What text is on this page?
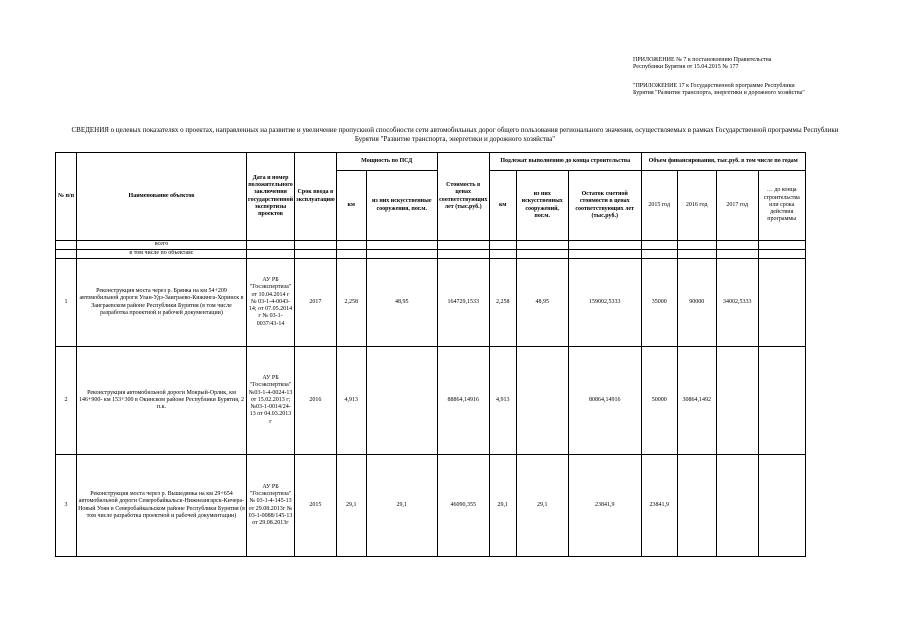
ПРИЛОЖЕНИЕ № 7 к постановлению Правительства Республики Бурятия от 15.04.2015 № 177
"ПРИЛОЖЕНИЕ 17 к Государственной программе Республики Бурятия "Развитие транспорта, энергетики и дорожного хозяйства"
СВЕДЕНИЯ о целевых показателях о проектах, направленных на развитие и увеличение пропускной способности сети автомобильных дорог общего пользования регионального значения, осуществляемых в рамках Государственной программы Республики Бурятия "Развитие транспорта, энергетики и дорожного хозяйства"
№ п/п	Наименование объектов	Дата и номер положительного заключения государственной экспертизы проектов	Срок ввода в эксплуатацию	Мощность по ПСД		Стоимость в ценах соответствующих лет (тыс.руб.)	Подлежат выполнению до конца строительства			Объем финансирования, тыс.руб. в том числе по годам			
				км	из них искусственные сооружения, пог.м.		км	из них искусственных сооружений, пог.м.	Остаток сметной стоимости в ценах соответствующих лет (тыс.руб.)	2015 год	2016 год	2017 год	… до конца строительства или срока действия программы
	всего												
	в том числе по объектам:												
1	Реконструкция моста через р. Брянка на км 54+209 автомобильной дороги Улан-Удэ-Заиграево-Кижинга-Хоринск в Заиграевском районе Республики Бурятия (в том числе разработка проектной и рабочей документации)	АУ РБ "Госэкспертиза" от 10.04.2014 г № 03-1-4-0043-14; от 07.05.2014 г № 03-1-0037/43-14	2017	2,258	48,95	164729,1533	2,258	48,95	159002,5333	35000	90000	34002,5333	
2	Реконструкция автомобильной дороги Мокрый-Орлик, км 146+900- км 153+300 в Окинском районе Республики Бурятия, 2 п.к.	АУ РБ "Госэкспертиза" №03-1-4-0024-13 от 15.02.2013 г; №03-1-0014/24-13 от 04.03.2013 г	2016	4,913		88864,14916	4,913		80864,14916	50000	30864,1492		
3	Реконструкция моста через р. Вышедянка на км 29+654 автомобильной дороги Северобайкальск-Нижнеангарск-Кичера-Новый Уоян в Северобайкальском районе Республики Бурятия (в том числе разработка проектной и рабочей документации)	АУ РБ "Госэкспертиза" № 03-1-4-145-13 от 29.08.2013г № 03-1-0088/145-13 от 29.08.2013г	2015	29,1	29,1	46090,355	29,1	29,1	23841,9	23841,9			
